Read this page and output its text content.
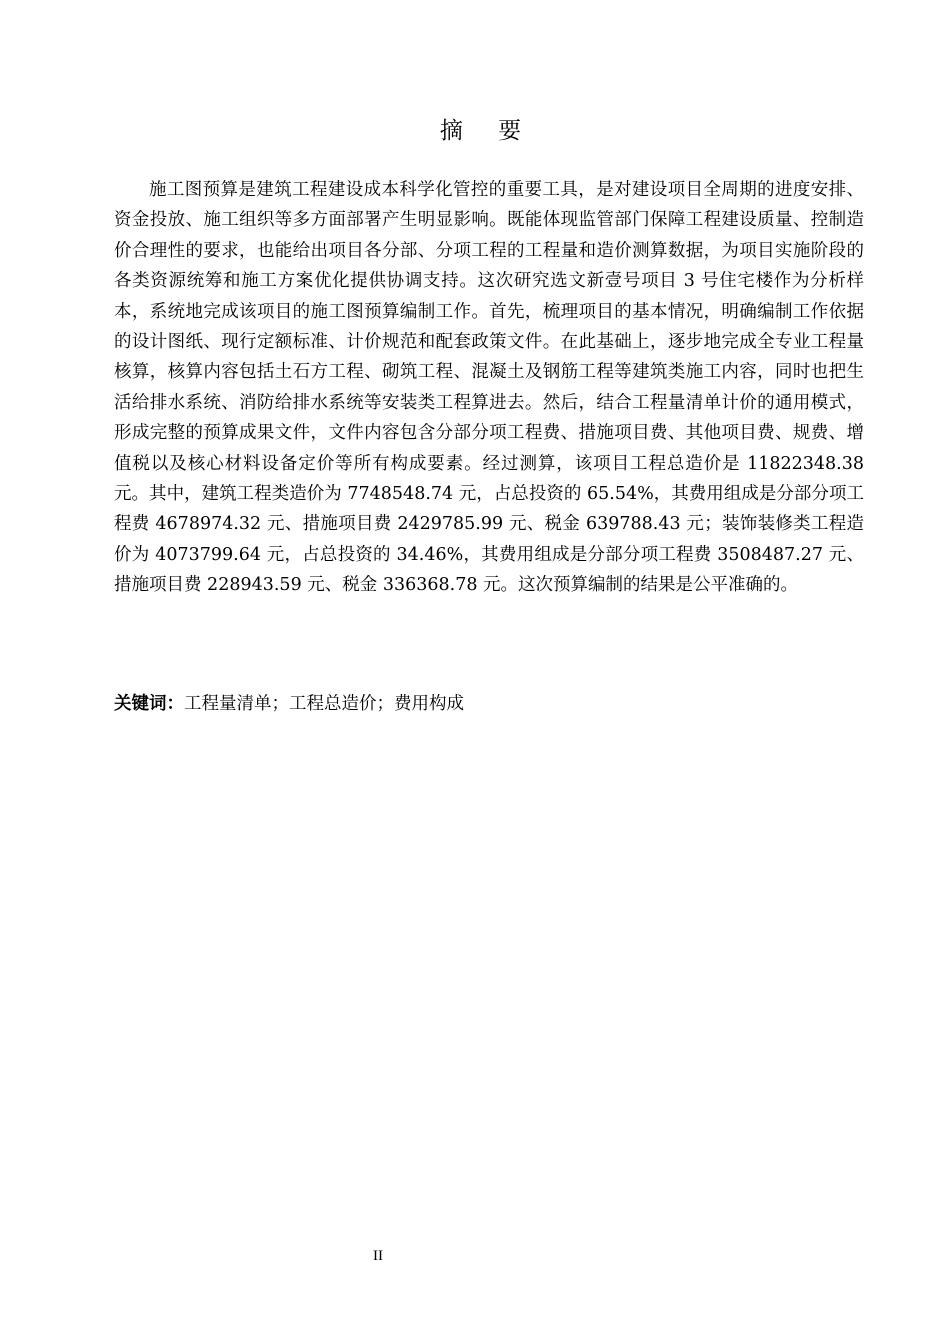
摘 要

施工图预算是建筑工程建设成本科学化管控的重要工具，是对建设项目全周期的进度安排、资金投放、施工组织等多方面部署产生明显影响。既能体现监管部门保障工程建设质量、控制造价合理性的要求，也能给出项目各分部、分项工程的工程量和造价测算数据，为项目实施阶段的各类资源统筹和施工方案优化提供协调支持。这次研究选文新壹号项目 3 号住宅楼作为分析样本，系统地完成该项目的施工图预算编制工作。首先，梳理项目的基本情况，明确编制工作依据的设计图纸、现行定额标准、计价规范和配套政策文件。在此基础上，逐步地完成全专业工程量核算，核算内容包括土石方工程、砌筑工程、混凝土及钢筋工程等建筑类施工内容，同时也把生活给排水系统、消防给排水系统等安装类工程算进去。然后，结合工程量清单计价的通用模式，形成完整的预算成果文件，文件内容包含分部分项工程费、措施项目费、其他项目费、规费、增值税以及核心材料设备定价等所有构成要素。经过测算，该项目工程总造价是 11822348.38 元。其中，建筑工程类造价为 7748548.74 元，占总投资的 65.54%，其费用组成是分部分项工程费 4678974.32 元、措施项目费 2429785.99 元、税金 639788.43 元；装饰装修类工程造价为 4073799.64 元，占总投资的 34.46%，其费用组成是分部分项工程费 3508487.27 元、措施项目费 228943.59 元、税金 336368.78 元。这次预算编制的结果是公平准确的。

关键词：工程量清单；工程总造价；费用构成

II
